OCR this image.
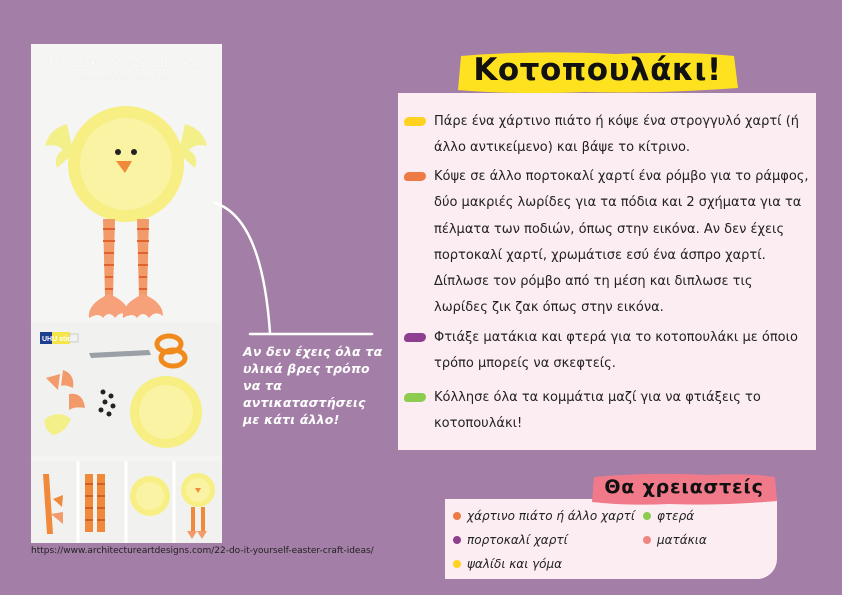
SIMPLE KIDS EASTER CRAFT
paper plate baby chick
UHU stic
Αν δεν έχεις όλα τα υλικά βρες τρόπο να τα αντικαταστήσεις με κάτι άλλο!
Κοτοπουλάκι!
Πάρε ένα χάρτινο πιάτο ή κόψε ένα στρογγυλό χαρτί (ή άλλο αντικείμενο) και βάψε το κίτρινο.
Κόψε σε άλλο πορτοκαλί χαρτί ένα ρόμβο για το ράμφος, δύο μακριές λωρίδες για τα πόδια και 2 σχήματα για τα πέλματα των ποδιών, όπως στην εικόνα. Αν δεν έχεις πορτοκαλί χαρτί, χρωμάτισε εσύ ένα άσπρο χαρτί. Δίπλωσε τον ρόμβο από τη μέση και διπλωσε τις λωρίδες ζικ ζακ όπως στην εικόνα.
Φτιάξε ματάκια και φτερά για το κοτοπουλάκι με όποιο τρόπο μπορείς να σκεφτείς.
Κόλλησε όλα τα κομμάτια μαζί για να φτιάξεις το κοτοπουλάκι!
χάρτινο πιάτο ή άλλο χαρτί
πορτοκαλί χαρτί
ψαλίδι και γόμα
φτερά
ματάκια
Θα χρειαστείς
https://www.architectureartdesigns.com/22-do-it-yourself-easter-craft-ideas/
